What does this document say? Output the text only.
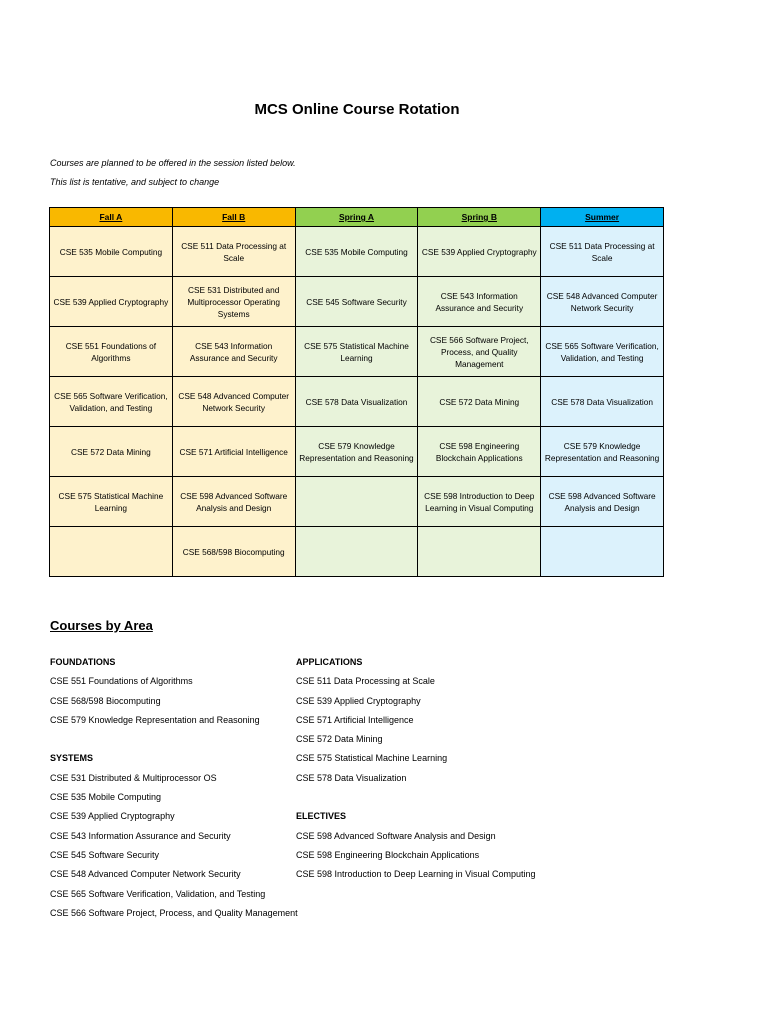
MCS Online Course Rotation
Courses are planned to be offered in the session listed below.
This list is tentative, and subject to change
Fall A	Fall B	Spring A	Spring B	Summer
CSE 535 Mobile Computing	CSE 511 Data Processing at Scale	CSE 535 Mobile Computing	CSE 539 Applied Cryptography	CSE 511 Data Processing at Scale
CSE 539 Applied Cryptography	CSE 531 Distributed and Multiprocessor Operating Systems	CSE 545 Software Security	CSE 543 Information Assurance and Security	CSE 548 Advanced Computer Network Security
CSE 551 Foundations of Algorithms	CSE 543 Information Assurance and Security	CSE 575 Statistical Machine Learning	CSE 566 Software Project, Process, and Quality Management	CSE 565 Software Verification, Validation, and Testing
CSE 565 Software Verification, Validation, and Testing	CSE 548 Advanced Computer Network Security	CSE 578 Data Visualization	CSE 572 Data Mining	CSE 578 Data Visualization
CSE 572 Data Mining	CSE 571 Artificial Intelligence	CSE 579 Knowledge Representation and Reasoning	CSE 598 Engineering Blockchain Applications	CSE 579 Knowledge Representation and Reasoning
CSE 575 Statistical Machine Learning	CSE 598 Advanced Software Analysis and Design		CSE 598 Introduction to Deep Learning in Visual Computing	CSE 598 Advanced Software Analysis and Design
	CSE 568/598 Biocomputing			
Courses by Area
FOUNDATIONS
CSE 551 Foundations of Algorithms
CSE 568/598 Biocomputing
CSE 579 Knowledge Representation and Reasoning
SYSTEMS
CSE 531 Distributed & Multiprocessor OS
CSE 535 Mobile Computing
CSE 539 Applied Cryptography
CSE 543 Information Assurance and Security
CSE 545 Software Security
CSE 548 Advanced Computer Network Security
CSE 565 Software Verification, Validation, and Testing
CSE 566 Software Project, Process, and Quality Management
APPLICATIONS
CSE 511 Data Processing at Scale
CSE 539 Applied Cryptography
CSE 571 Artificial Intelligence
CSE 572 Data Mining
CSE 575 Statistical Machine Learning
CSE 578 Data Visualization
ELECTIVES
CSE 598 Advanced Software Analysis and Design
CSE 598 Engineering Blockchain Applications
CSE 598 Introduction to Deep Learning in Visual Computing
